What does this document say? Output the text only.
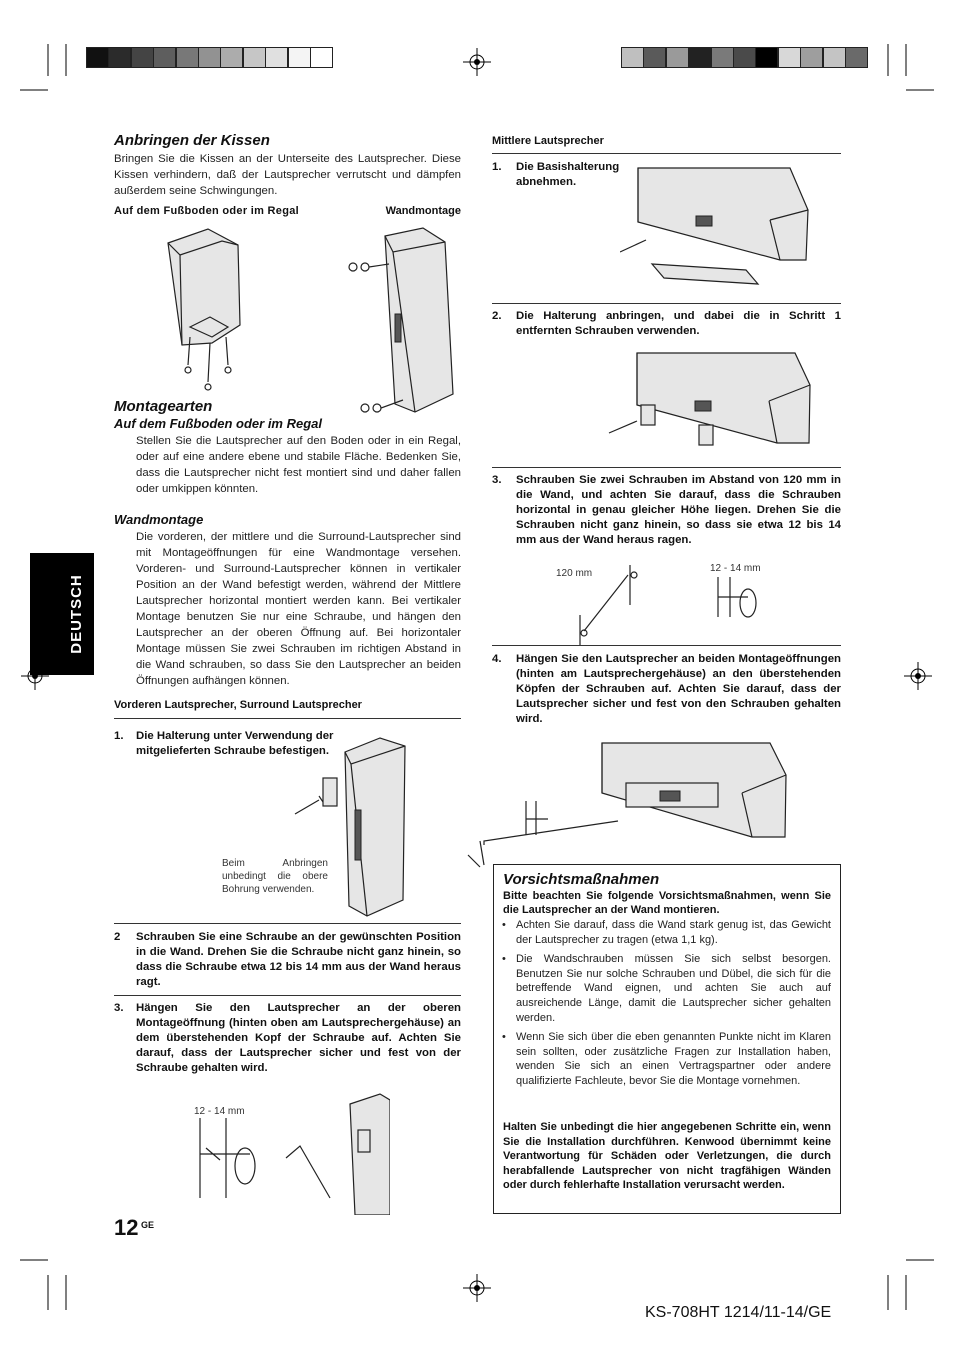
DEUTSCH
Anbringen der Kissen
Bringen Sie die Kissen an der Unterseite des Lautsprecher. Diese Kissen verhindern, daß der Lautsprecher verrutscht und dämpfen außerdem seine Schwingungen.
Auf dem Fußboden oder im Regal	Wandmontage
Montagearten
Auf dem Fußboden oder im Regal
Stellen Sie die Lautsprecher auf den Boden oder in ein Regal, oder auf eine andere ebene und stabile Fläche. Bedenken Sie, dass die Lautsprecher nicht fest montiert sind und daher fallen oder umkippen könnten.
Wandmontage
Die vorderen, der mittlere und die Surround-Lautsprecher sind mit Montageöffnungen für eine Wandmontage versehen. Vorderen- und Surround-Lautsprecher können in vertikaler Position an der Wand befestigt werden, während der Mittlere Lautsprecher horizontal montiert werden kann. Bei vertikaler Montage benutzen Sie nur eine Schraube, und hängen den Lautsprecher an der oberen Öffnung auf. Bei horizontaler Montage müssen Sie zwei Schrauben im richtigen Abstand in die Wand schrauben, so dass Sie den Lautsprecher an beiden Öffnungen aufhängen können.
Vorderen Lautsprecher, Surround Lautsprecher
1.	Die Halterung unter Verwendung der mitgelieferten Schraube befestigen.
Beim Anbringen unbedingt die obere Bohrung verwenden.
2	Schrauben Sie eine Schraube an der gewünschten Position in die Wand. Drehen Sie die Schraube nicht ganz hinein, so dass die Schraube etwa 12 bis 14 mm aus der Wand heraus ragt.
3.	Hängen Sie den Lautsprecher an der oberen Montageöffnung (hinten oben am Lautsprechergehäuse) an dem überstehenden Kopf der Schraube auf. Achten Sie darauf, dass der Lautsprecher sicher und fest von der Schraube gehalten wird.
12 - 14 mm
12 GE
Mittlere Lautsprecher
1.	Die Basishalterung abnehmen.
2.	Die Halterung anbringen, und dabei die in Schritt 1 entfernten Schrauben verwenden.
3.	Schrauben Sie zwei Schrauben im Abstand von 120 mm in die Wand, und achten Sie darauf, dass die Schrauben horizontal in genau gleicher Höhe liegen. Drehen Sie die Schrauben nicht ganz hinein, so dass sie etwa 12 bis 14 mm aus der Wand heraus ragen.
120 mm	12 - 14 mm
4.	Hängen Sie den Lautsprecher an beiden Montageöffnungen (hinten am Lautsprechergehäuse) an den überstehenden Köpfen der Schrauben auf. Achten Sie darauf, dass der Lautsprecher sicher und fest von den Schrauben gehalten wird.
Vorsichtsmaßnahmen
Bitte beachten Sie folgende Vorsichtsmaßnahmen, wenn Sie die Lautsprecher an der Wand montieren.
• Achten Sie darauf, dass die Wand stark genug ist, das Gewicht der Lautsprecher zu tragen (etwa 1,1 kg).
• Die Wandschrauben müssen Sie sich selbst besorgen. Benutzen Sie nur solche Schrauben und Dübel, die sich für die betreffende Wand eignen, und achten Sie auch auf ausreichende Länge, damit die Lautsprecher sicher gehalten werden.
• Wenn Sie sich über die eben genannten Punkte nicht im Klaren sein sollten, oder zusätzliche Fragen zur Installation haben, wenden Sie sich an einen Vertragspartner oder andere qualifizierte Fachleute, bevor Sie die Montage vornehmen.
Halten Sie unbedingt die hier angegebenen Schritte ein, wenn Sie die Installation durchführen. Kenwood übernimmt keine Verantwortung für Schäden oder Verletzungen, die durch herabfallende Lautsprecher von nicht tragfähigen Wänden oder durch fehlerhafte Installation verursacht werden.
KS-708HT 1214/11-14/GE
